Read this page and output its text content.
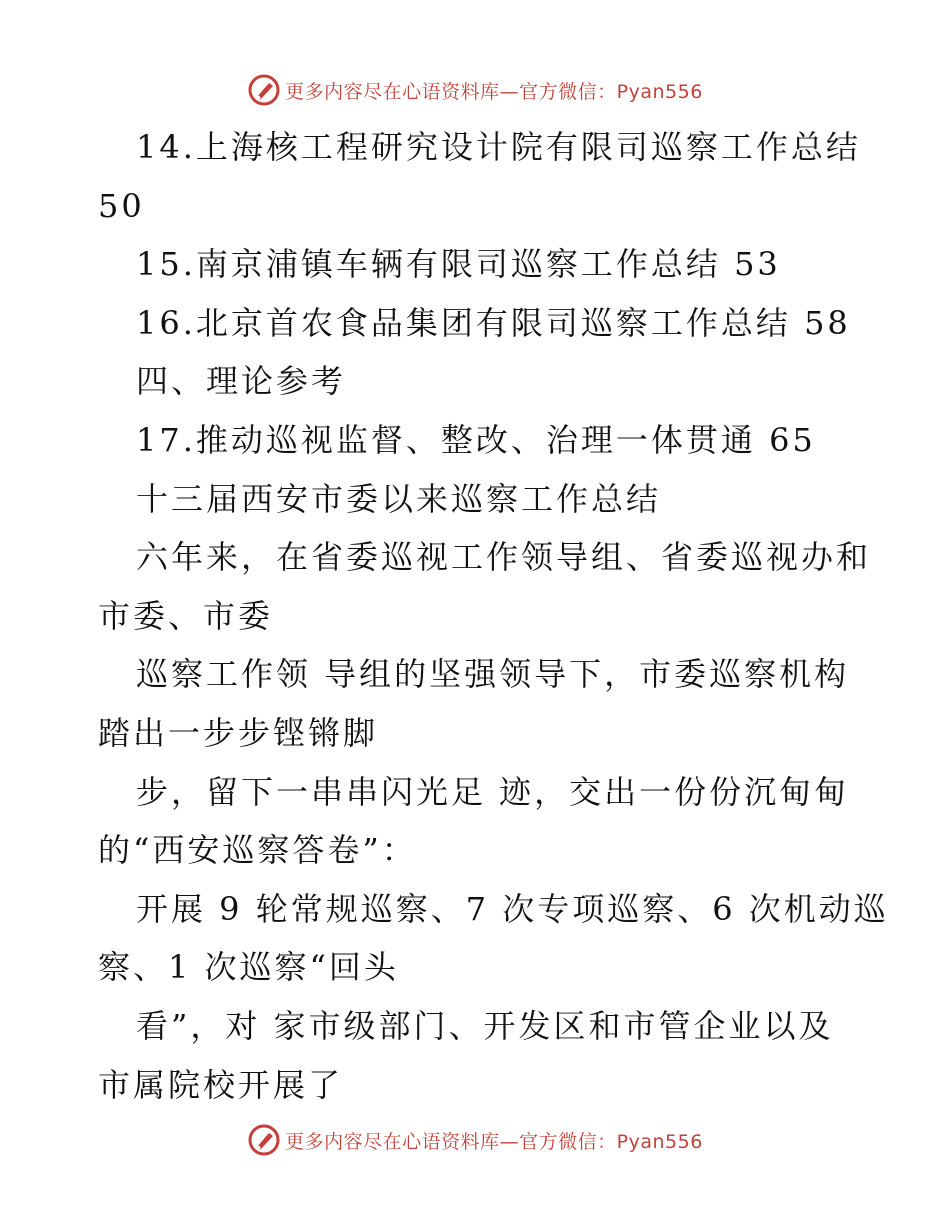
更多内容尽在心语资料库—官方微信：Pyan556
14.上海核工程研究设计院有限司巡察工作总结
50
15.南京浦镇车辆有限司巡察工作总结 53
16.北京首农食品集团有限司巡察工作总结 58
四、理论参考
17.推动巡视监督、整改、治理一体贯通 65
十三届西安市委以来巡察工作总结
六年来，在省委巡视工作领导组、省委巡视办和
市委、市委
巡察工作领 导组的坚强领导下，市委巡察机构
踏出一步步铿锵脚
步，留下一串串闪光足 迹，交出一份份沉甸甸
的“西安巡察答卷”：
开展 9 轮常规巡察、7 次专项巡察、6 次机动巡
察、1 次巡察“回头
看”，对 家市级部门、开发区和市管企业以及
市属院校开展了
更多内容尽在心语资料库—官方微信：Pyan556
